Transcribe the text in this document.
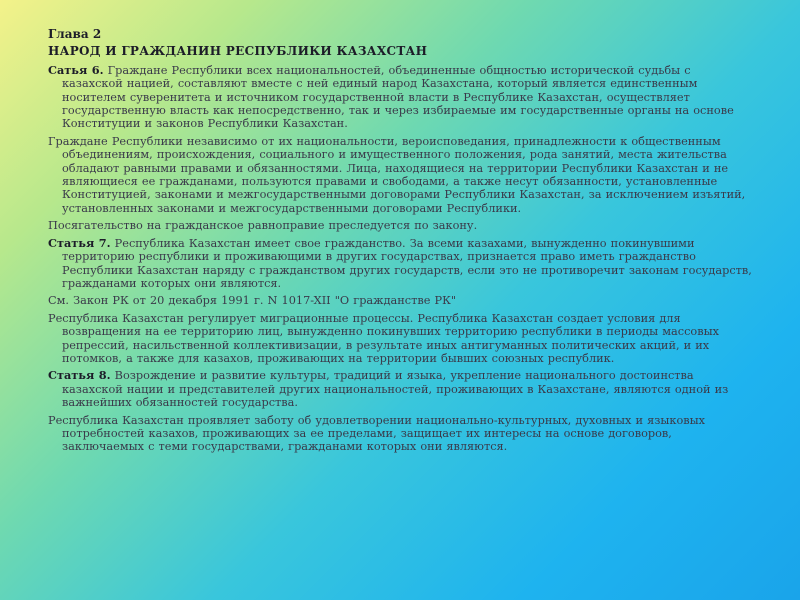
Глава 2
НАРОД И ГРАЖДАНИН РЕСПУБЛИКИ КАЗАХСТАН

Сатья 6. Граждане Республики всех национальностей, объединенные общностью исторической судьбы с казахской нацией, составляют вместе с ней единый народ Казахстана, который является единственным носителем суверенитета и источником государственной власти в Республике Казахстан, осуществляет государственную власть как непосредственно, так и через избираемые им государственные органы на основе Конституции и законов Республики Казахстан.

Граждане Республики независимо от их национальности, вероисповедания, принадлежности к общественным объединениям, происхождения, социального и имущественного положения, рода занятий, места жительства обладают равными правами и обязанностями. Лица, находящиеся на территории Республики Казахстан и не являющиеся ее гражданами, пользуются правами и свободами, а также несут обязанности, установленные Конституцией, законами и межгосударственными договорами Республики Казахстан, за исключением изъятий, установленных законами и межгосударственными договорами Республики.

Посягательство на гражданское равноправие преследуется по закону.

Статья 7. Республика Казахстан имеет свое гражданство. За всеми казахами, вынужденно покинувшими территорию республики и проживающими в других государствах, признается право иметь гражданство Республики Казахстан наряду с гражданством других государств, если это не противоречит законам государств, гражданами которых они являются.

См. Закон РК от 20 декабря 1991 г. N 1017-XII "О гражданстве РК"

Республика Казахстан регулирует миграционные процессы. Республика Казахстан создает условия для возвращения на ее территорию лиц, вынужденно покинувших территорию республики в периоды массовых репрессий, насильственной коллективизации, в результате иных антигуманных политических акций, и их потомков, а также для казахов, проживающих на территории бывших союзных республик.

Статья 8. Возрождение и развитие культуры, традиций и языка, укрепление национального достоинства казахской нации и представителей других национальностей, проживающих в Казахстане, являются одной из важнейших обязанностей государства.

Республика Казахстан проявляет заботу об удовлетворении национально-культурных, духовных и языковых потребностей казахов, проживающих за ее пределами, защищает их интересы на основе договоров, заключаемых с теми государствами, гражданами которых они являются.
